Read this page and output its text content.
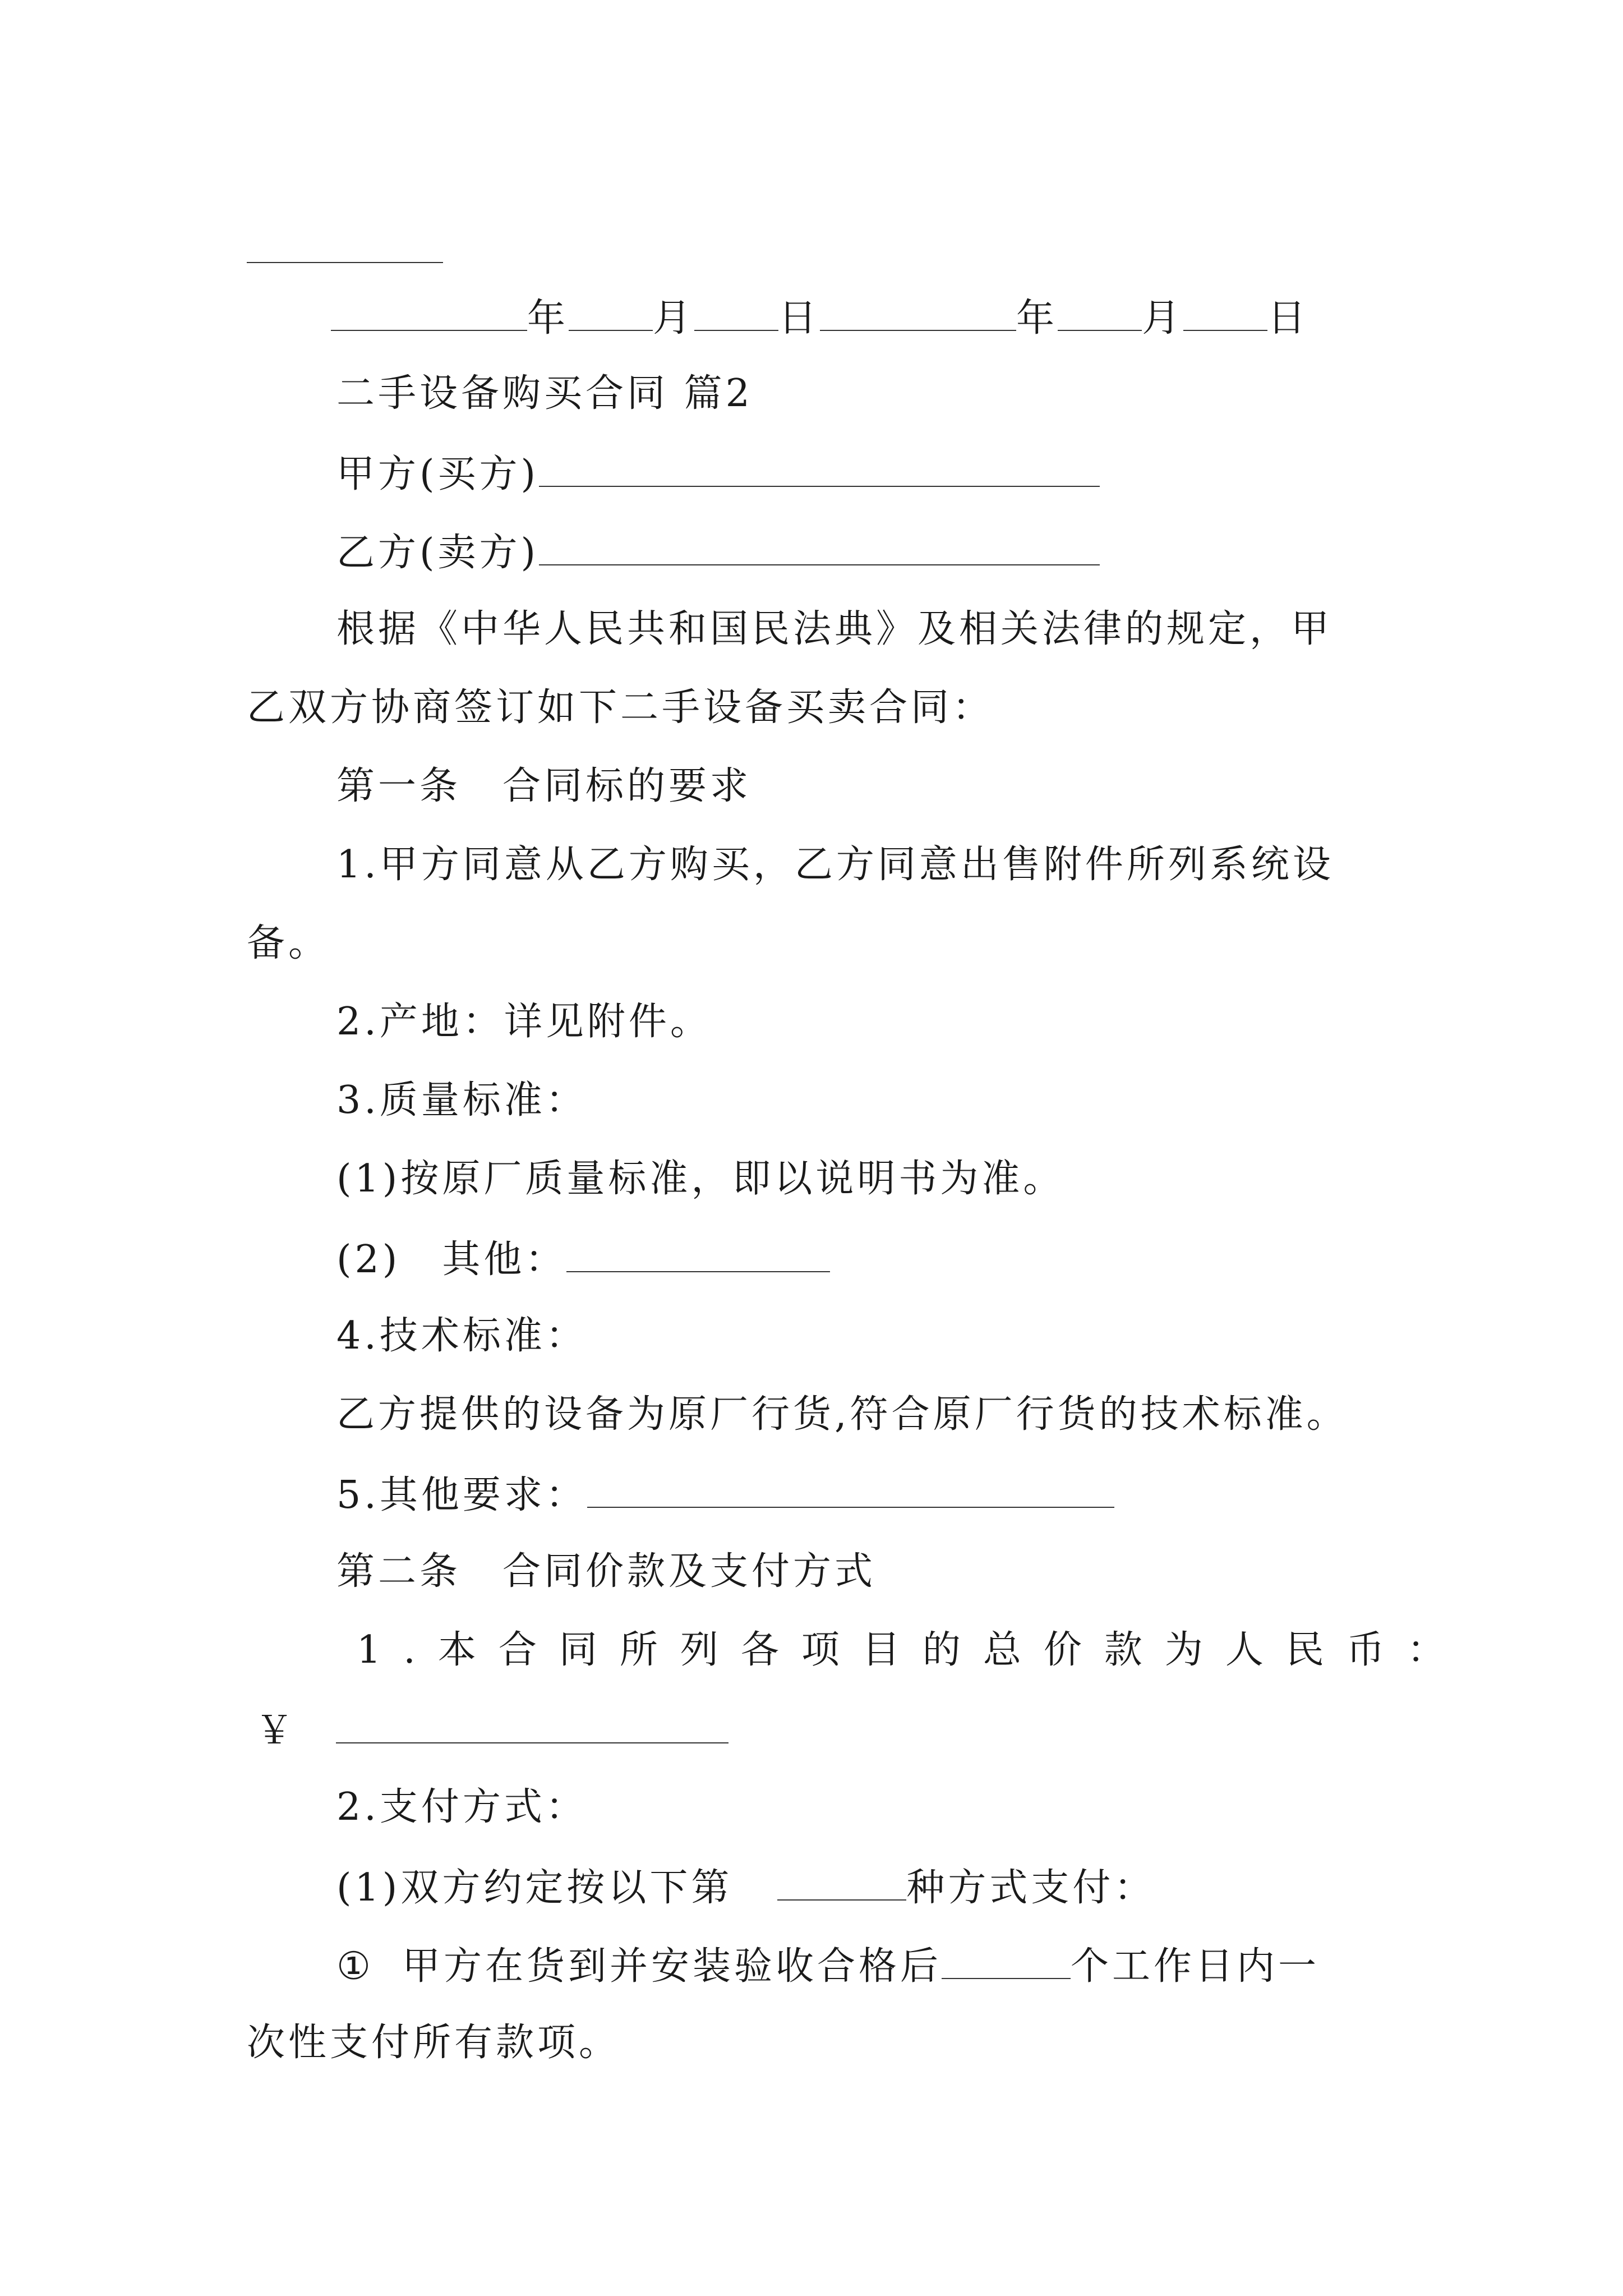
年 月 日	年 月 日
二手设备购买合同 篇2
甲方(买方)
乙方(卖方)
根据《中华人民共和国民法典》及相关法律的规定，甲
乙双方协商签订如下二手设备买卖合同：
第一条　合同标的要求
1.甲方同意从乙方购买，乙方同意出售附件所列系统设
备。
2.产地：详见附件。
3.质量标准：
(1)按原厂质量标准，即以说明书为准。
(2)　其他：
4.技术标准：
乙方提供的设备为原厂行货,符合原厂行货的技术标准。
5.其他要求：
第二条　合同价款及支付方式
1.本合同所列各项目的总价款为人民币：
￥
2.支付方式：
(1)双方约定按以下第	种方式支付：
① 甲方在货到并安装验收合格后	个工作日内一
次性支付所有款项。
